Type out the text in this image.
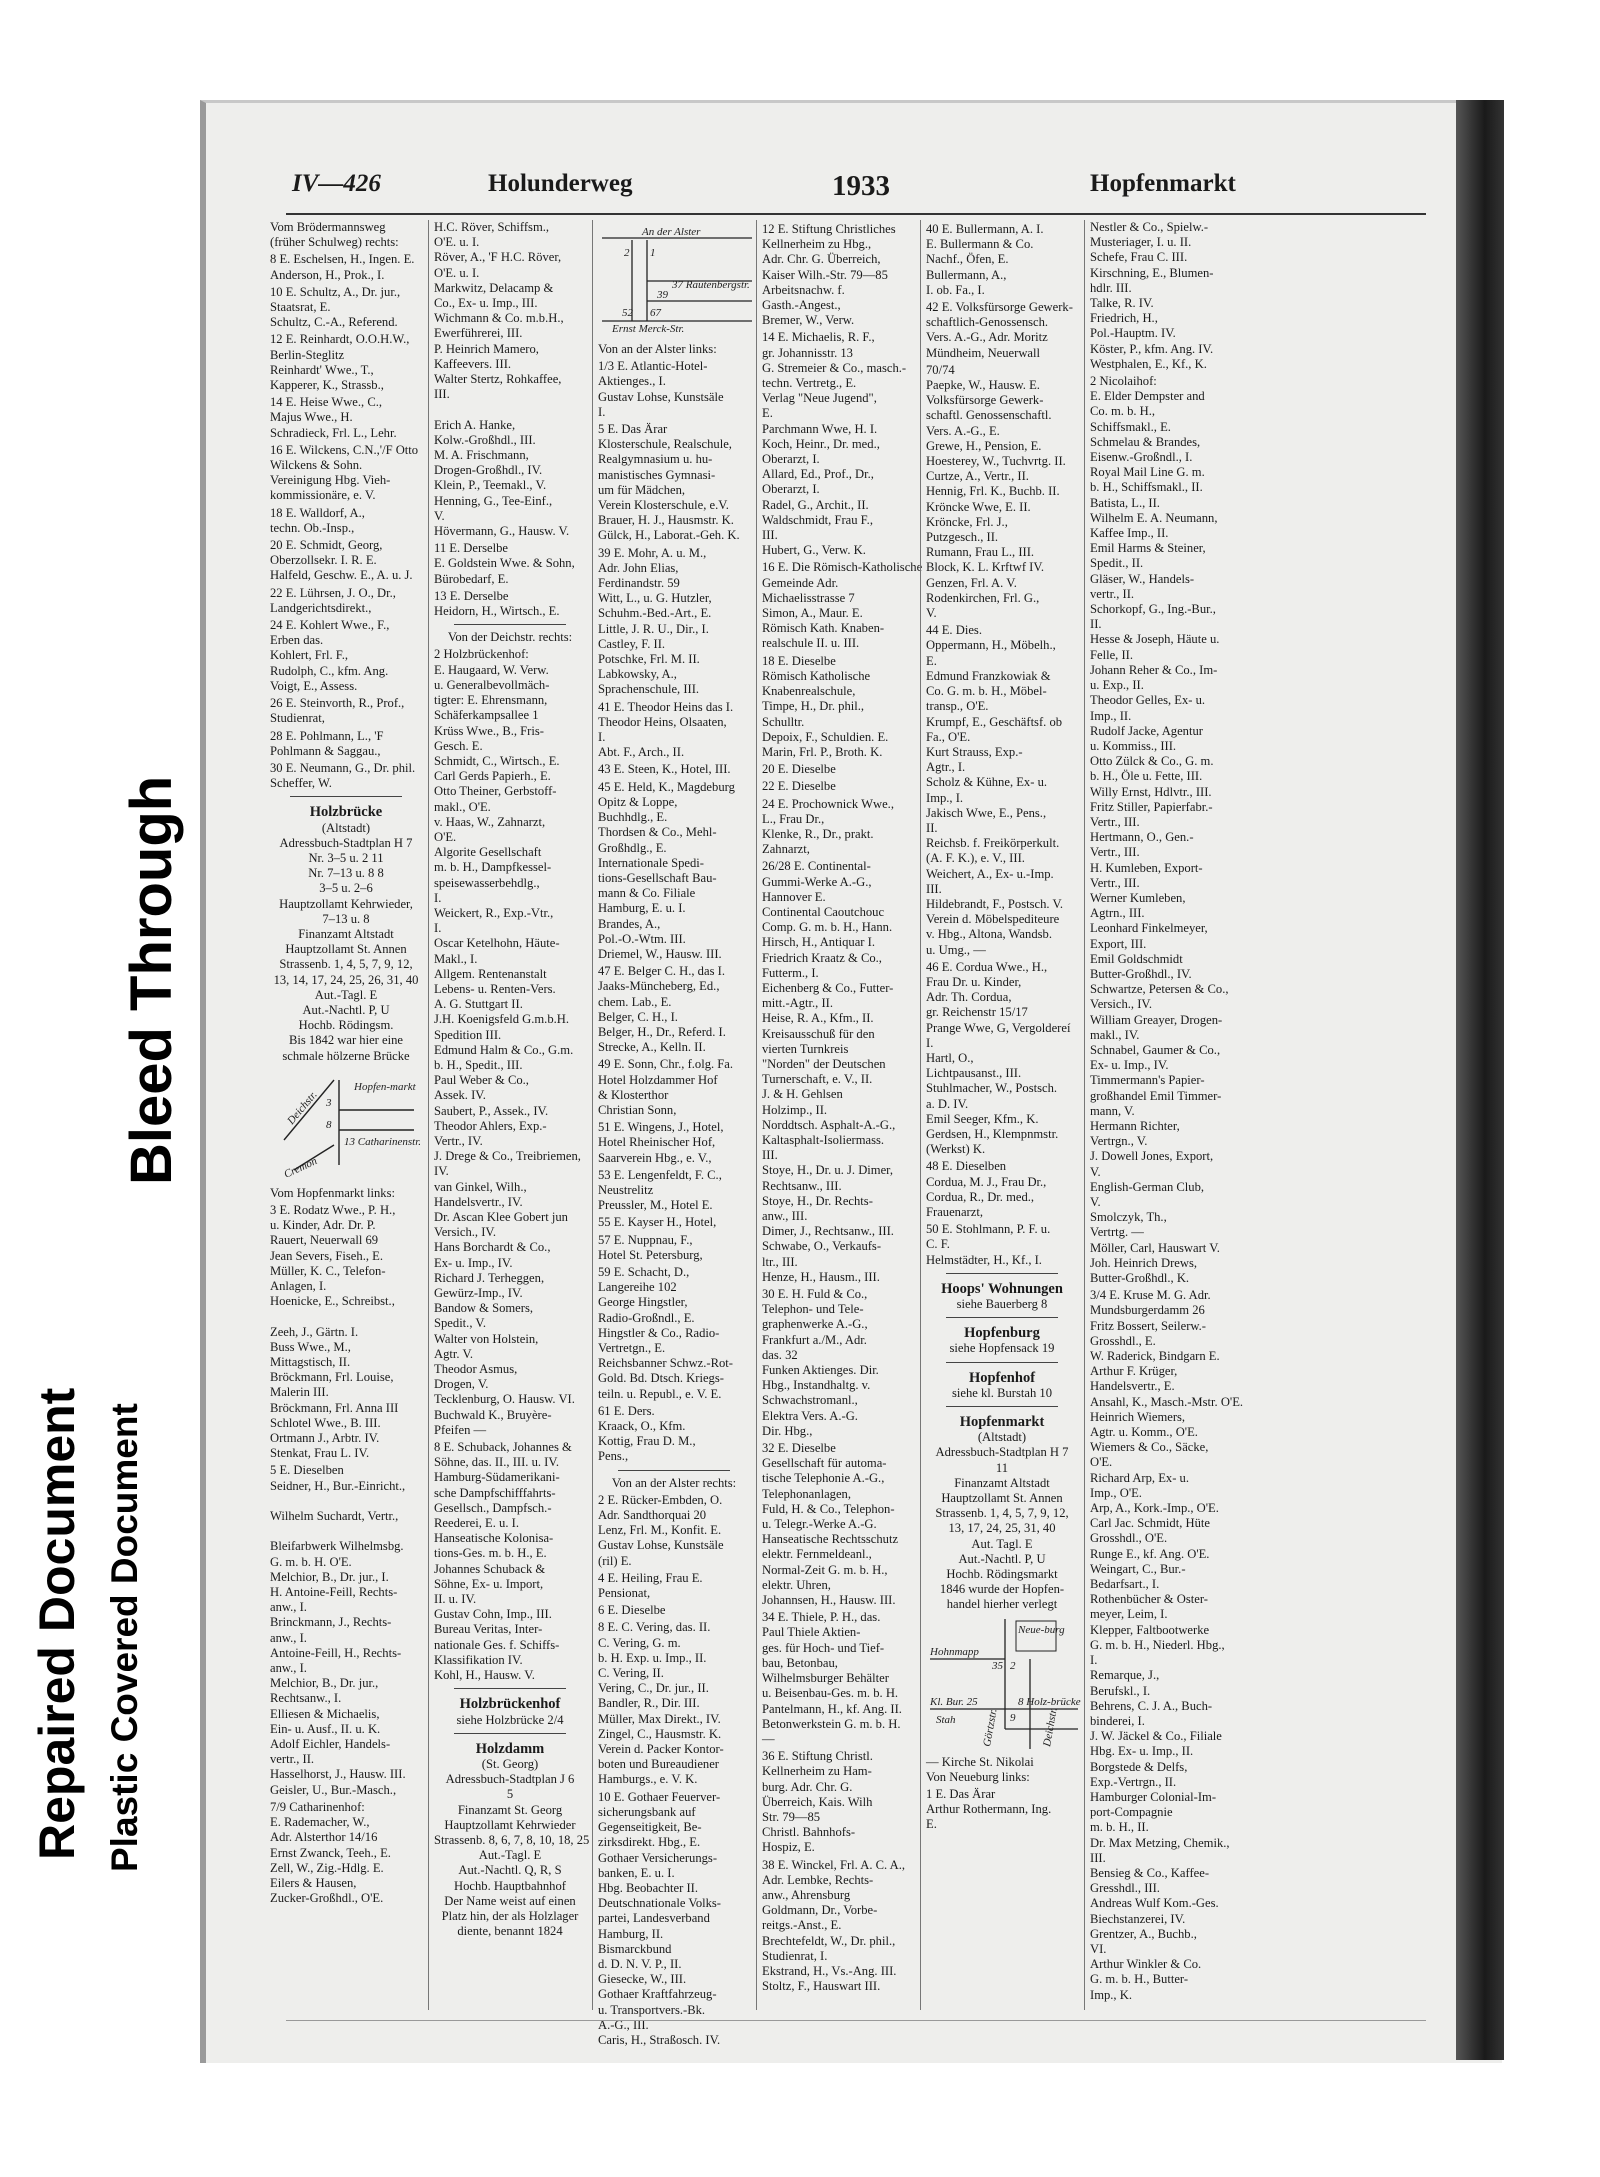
Bleed Through
Repaired Document Plastic Covered Document
IV—426	Holunderweg	1933	Hopfenmarkt
Vom Brödermannsweg
(früher Schulweg) rechts:
8 E. Eschelsen, H., Ingen. E.
Anderson, H., Prok., I.
10 E. Schultz, A., Dr. jur.,
Staatsrat, E.
Schultz, C.-A., Referend.
12 E. Reinhardt, O.O.H.W.,
Berlin-Steglitz
Reinhardt' Wwe., T.,
Kapperer, K., Strassb.,
14 E. Heise Wwe., C.,
Majus Wwe., H.
Schradieck, Frl. L., Lehr.
16 E. Wilckens, C.N.,'/F Otto
Wilckens & Sohn.
Vereinigung Hbg. Vieh-
kommissionäre, e. V.
18 E. Walldorf, A.,
techn. Ob.-Insp.,
20 E. Schmidt, Georg,
Oberzollsekr. I. R. E.
Halfeld, Geschw. E., A. u. J.
22 E. Lührsen, J. O., Dr.,
Landgerichtsdirekt.,
24 E. Kohlert Wwe., F.,
Erben das.
Kohlert, Frl. F.,
Rudolph, C., kfm. Ang.
Voigt, E., Assess.
26 E. Steinvorth, R., Prof.,
Studienrat,
28 E. Pohlmann, L., 'F
Pohlmann & Saggau.,
30 E. Neumann, G., Dr. phil.
Scheffer, W.
Holzbrücke
(Altstadt)
Adressbuch-Stadtplan H 7
Nr. 3–5 u. 2 11
Nr. 7–13 u. 8 8
3–5 u. 2–6
Hauptzollamt Kehrwieder,
7–13 u. 8
Finanzamt Altstadt
Hauptzollamt St. Annen
Strassenb. 1, 4, 5, 7, 9, 12,
13, 14, 17, 24, 25, 26, 31, 40
Aut.-Tagl. E
Aut.-Nachtl. P, U
Hochb. Rödingsm.
Bis 1842 war hier eine
schmale hölzerne Brücke
Deichstr.
Hopfen-markt
Cremon
13 Catharinenstr.
3
8
Vom Hopfenmarkt links:
3 E. Rodatz Wwe., P. H.,
u. Kinder, Adr. Dr. P.
Rauert, Neuerwall 69
Jean Severs, Fiseh., E.
Müller, K. C., Telefon-
Anlagen, I.
Hoenicke, E., Schreibst.,

Zeeh, J., Gärtn. I.
Buss Wwe., M.,
Mittagstisch, II.
Bröckmann, Frl. Louise,
Malerin III.
Bröckmann, Frl. Anna III
Schlotel Wwe., B. III.
Ortmann J., Arbtr. IV.
Stenkat, Frau L. IV.
5 E. Dieselben
Seidner, H., Bur.-Einricht.,

Wilhelm Suchardt, Vertr.,

Bleifarbwerk Wilhelmsbg.
G. m. b. H. O'E.
Melchior, B., Dr. jur., I.
H. Antoine-Feill, Rechts-
anw., I.
Brinckmann, J., Rechts-
anw., I.
Antoine-Feill, H., Rechts-
anw., I.
Melchior, B., Dr. jur.,
Rechtsanw., I.
Elliesen & Michaelis,
Ein- u. Ausf., II. u. K.
Adolf Eichler, Handels-
vertr., II.
Hasselhorst, J., Hausw. III.
Geisler, U., Bur.-Masch.,
7/9 Catharinenhof:
E. Rademacher, W.,
Adr. Alsterthor 14/16
Ernst Zwanck, Teeh., E.
Zell, W., Zig.-Hdlg. E.
Eilers & Hausen,
Zucker-Großhdl., O'E.
H.C. Röver, Schiffsm.,
O'E. u. I.
Röver, A., 'F H.C. Röver,
O'E. u. I.
Markwitz, Delacamp &
Co., Ex- u. Imp., III.
Wichmann & Co. m.b.H.,
Ewerführerei, III.
P. Heinrich Mamero,
Kaffeevers. III.
Walter Stertz, Rohkaffee,
III.

Erich A. Hanke,
Kolw.-Großhdl., III.
M. A. Frischmann,
Drogen-Großhdl., IV.
Klein, P., Teemakl., V.
Henning, G., Tee-Einf.,
V.
Hövermann, G., Hausw. V.
11 E. Derselbe
E. Goldstein Wwe. & Sohn,
Bürobedarf, E.
13 E. Derselbe
Heidorn, H., Wirtsch., E.
Von der Deichstr. rechts:
2 Holzbrückenhof:
E. Haugaard, W. Verw.
u. Generalbevollmäch-
tigter: E. Ehrensmann,
Schäferkampsallee 1
Krüss Wwe., B., Fris-
Gesch. E.
Schmidt, C., Wirtsch., E.
Carl Gerds Papierh., E.
Otto Theiner, Gerbstoff-
makl., O'E.
v. Haas, W., Zahnarzt,
O'E.
Algorite Gesellschaft
m. b. H., Dampfkessel-
speisewasserbehdlg.,
I.
Weickert, R., Exp.-Vtr.,
I.
Oscar Ketelhohn, Häute-
Makl., I.
Allgem. Rentenanstalt
Lebens- u. Renten-Vers.
A. G. Stuttgart II.
J.H. Koenigsfeld G.m.b.H.
Spedition III.
Edmund Halm & Co., G.m.
b. H., Spedit., III.
Paul Weber & Co.,
Assek. IV.
Saubert, P., Assek., IV.
Theodor Ahlers, Exp.-
Vertr., IV.
J. Drege & Co., Treibriemen,
IV.
van Ginkel, Wilh.,
Handelsvertr., IV.
Dr. Ascan Klee Gobert jun
Versich., IV.
Hans Borchardt & Co.,
Ex- u. Imp., IV.
Richard J. Terheggen,
Gewürz-Imp., IV.
Bandow & Somers,
Spedit., V.
Walter von Holstein,
Agtr. V.
Theodor Asmus,
Drogen, V.
Tecklenburg, O. Hausw. VI.
Buchwald K., Bruyère-
Pfeifen —
8 E. Schuback, Johannes &
Söhne, das. II., III. u. IV.
Hamburg-Südamerikani-
sche Dampfschifffahrts-
Gesellsch., Dampfsch.-
Reederei, E. u. I.
Hanseatische Kolonisa-
tions-Ges. m. b. H., E.
Johannes Schuback &
Söhne, Ex- u. Import,
II. u. IV.
Gustav Cohn, Imp., III.
Bureau Veritas, Inter-
nationale Ges. f. Schiffs-
Klassifikation IV.
Kohl, H., Hausw. V.
Holzbrückenhof
siehe Holzbrücke 2/4
Holzdamm
(St. Georg)
Adressbuch-Stadtplan J 6
5
Finanzamt St. Georg
Hauptzollamt Kehrwieder
Strassenb. 8, 6, 7, 8, 10, 18, 25
Aut.-Tagl. E
Aut.-Nachtl. Q, R, S
Hochb. Hauptbahnhof
Der Name weist auf einen
Platz hin, der als Holzlager
diente, benannt 1824
An der Alster
2 1
37 Rautenbergstr.
39
52 67
Ernst Merck-Str.
Von an der Alster links:
1/3 E. Atlantic-Hotel-
Aktienges., I.
Gustav Lohse, Kunstsäle
I.
5 E. Das Ärar
Klosterschule, Realschule,
Realgymnasium u. hu-
manistisches Gymnasi-
um für Mädchen,
Verein Klosterschule, e.V.
Brauer, H. J., Hausmstr. K.
Gülck, H., Laborat.-Geh. K.
39 E. Mohr, A. u. M.,
Adr. John Elias,
Ferdinandstr. 59
Witt, L., u. G. Hutzler,
Schuhm.-Bed.-Art., E.
Little, J. R. U., Dir., I.
Castley, F. II.
Potschke, Frl. M. II.
Labkowsky, A.,
Sprachenschule, III.
41 E. Theodor Heins das I.
Theodor Heins, Olsaaten,
I.
Abt. F., Arch., II.
43 E. Steen, K., Hotel, III.
45 E. Held, K., Magdeburg
Opitz & Loppe,
Buchhdlg., E.
Thordsen & Co., Mehl-
Großhdlg., E.
Internationale Spedi-
tions-Gesellschaft Bau-
mann & Co. Filiale
Hamburg, E. u. I.
Brandes, A.,
Pol.-O.-Wtm. III.
Driemel, W., Hausw. III.
47 E. Belger C. H., das I.
Jaaks-Müncheberg, Ed.,
chem. Lab., E.
Belger, C. H., I.
Belger, H., Dr., Referd. I.
Strecke, A., Kelln. II.
49 E. Sonn, Chr., f.olg. Fa.
Hotel Holzdammer Hof
& Klosterthor
Christian Sonn,
51 E. Wingens, J., Hotel,
Hotel Rheinischer Hof,
Saarverein Hbg., e. V.,
53 E. Lengenfeldt, F. C.,
Neustrelitz
Preussler, M., Hotel E.
55 E. Kayser H., Hotel,
57 E. Nuppnau, F.,
Hotel St. Petersburg,
59 E. Schacht, D.,
Langereihe 102
George Hingstler,
Radio-Großndl., E.
Hingstler & Co., Radio-
Vertretgn., E.
Reichsbanner Schwz.-Rot-
Gold. Bd. Dtsch. Kriegs-
teiln. u. Republ., e. V. E.
61 E. Ders.
Kraack, O., Kfm.
Kottig, Frau D. M.,
Pens.,
Von an der Alster rechts:
2 E. Rücker-Embden, O.
Adr. Sandthorquai 20
Lenz, Frl. M., Konfit. E.
Gustav Lohse, Kunstsäle
(ril) E.
4 E. Heiling, Frau E.
Pensionat,
6 E. Dieselbe
8 E. C. Vering, das. II.
C. Vering, G. m.
b. H. Exp. u. Imp., II.
C. Vering, II.
Vering, C., Dr. jur., II.
Bandler, R., Dir. III.
Müller, Max Direkt., IV.
Zingel, C., Hausmstr. K.
Verein d. Packer Kontor-
boten und Bureaudiener
Hamburgs., e. V. K.
10 E. Gothaer Feuerver-
sicherungsbank auf
Gegenseitigkeit, Be-
zirksdirekt. Hbg., E.
Gothaer Versicherungs-
banken, E. u. I.
Hbg. Beobachter II.
Deutschnationale Volks-
partei, Landesverband
Hamburg, II.
Bismarckbund
d. D. N. V. P., II.
Giesecke, W., III.
Gothaer Kraftfahrzeug-
u. Transportvers.-Bk.
A.-G., III.
Caris, H., Straßosch. IV.
12 E. Stiftung Christliches
Kellnerheim zu Hbg.,
Adr. Chr. G. Überreich,
Kaiser Wilh.-Str. 79—85
Arbeitsnachw. f.
Gasth.-Angest.,
Bremer, W., Verw.
14 E. Michaelis, R. F.,
gr. Johannisstr. 13
G. Stremeier & Co., masch.-
techn. Vertretg., E.
Verlag "Neue Jugend",
E.
Parchmann Wwe, H. I.
Koch, Heinr., Dr. med.,
Oberarzt, I.
Allard, Ed., Prof., Dr.,
Oberarzt, I.
Radel, G., Archit., II.
Waldschmidt, Frau F.,
III.
Hubert, G., Verw. K.
16 E. Die Römisch-Katholische
Gemeinde Adr.
Michaelisstrasse 7
Simon, A., Maur. E.
Römisch Kath. Knaben-
realschule II. u. III.
18 E. Dieselbe
Römisch Katholische
Knabenrealschule,
Timpe, H., Dr. phil.,
Schulltr.
Depoix, F., Schuldien. E.
Marin, Frl. P., Broth. K.
20 E. Dieselbe
22 E. Dieselbe
24 E. Prochownick Wwe.,
L., Frau Dr.,
Klenke, R., Dr., prakt.
Zahnarzt,
26/28 E. Continental-
Gummi-Werke A.-G.,
Hannover E.
Continental Caoutchouc
Comp. G. m. b. H., Hann.
Hirsch, H., Antiquar I.
Friedrich Kraatz & Co.,
Futterm., I.
Eichenberg & Co., Futter-
mitt.-Agtr., II.
Heise, R. A., Kfm., II.
Kreisausschuß für den
vierten Turnkreis
"Norden" der Deutschen
Turnerschaft, e. V., II.
J. & H. Gehlsen
Holzimp., II.
Norddtsch. Asphalt-A.-G.,
Kaltasphalt-Isoliermass.
III.
Stoye, H., Dr. u. J. Dimer,
Rechtsanw., III.
Stoye, H., Dr. Rechts-
anw., III.
Dimer, J., Rechtsanw., III.
Schwabe, O., Verkaufs-
ltr., III.
Henze, H., Hausm., III.
30 E. H. Fuld & Co.,
Telephon- und Tele-
graphenwerke A.-G.,
Frankfurt a./M., Adr.
das. 32
Funken Aktienges. Dir.
Hbg., Instandhaltg. v.
Schwachstromanl.,
Elektra Vers. A.-G.
Dir. Hbg.,
32 E. Dieselbe
Gesellschaft für automa-
tische Telephonie A.-G.,
Telephonanlagen,
Fuld, H. & Co., Telephon-
u. Telegr.-Werke A.-G.
Hanseatische Rechtsschutz
elektr. Fernmeldeanl.,
Normal-Zeit G. m. b. H.,
elektr. Uhren,
Johannsen, H., Hausw. III.
34 E. Thiele, P. H., das.
Paul Thiele Aktien-
ges. für Hoch- und Tief-
bau, Betonbau,
Wilhelmsburger Behälter
u. Beisenbau-Ges. m. b. H.
Pantelmann, H., kf. Ang. II.
Betonwerkstein G. m. b. H.
—
36 E. Stiftung Christl.
Kellnerheim zu Ham-
burg. Adr. Chr. G.
Überreich, Kais. Wilh
Str. 79—85
Christl. Bahnhofs-
Hospiz, E.
38 E. Winckel, Frl. A. C. A.,
Adr. Lembke, Rechts-
anw., Ahrensburg
Goldmann, Dr., Vorbe-
reitgs.-Anst., E.
Brechtefeldt, W., Dr. phil.,
Studienrat, I.
Ekstrand, H., Vs.-Ang. III.
Stoltz, F., Hauswart III.
40 E. Bullermann, A. I.
E. Bullermann & Co.
Nachf., Öfen, E.
Bullermann, A.,
I. ob. Fa., I.
42 E. Volksfürsorge Gewerk-
schaftlich-Genossensch.
Vers. A.-G., Adr. Moritz
Mündheim, Neuerwall
70/74
Paepke, W., Hausw. E.
Volksfürsorge Gewerk-
schaftl. Genossenschaftl.
Vers. A.-G., E.
Grewe, H., Pension, E.
Hoesterey, W., Tuchvrtg. II.
Curtze, A., Vertr., II.
Hennig, Frl. K., Buchb. II.
Kröncke Wwe, E. II.
Kröncke, Frl. J.,
Putzgesch., II.
Rumann, Frau L., III.
Block, K. L. Krftwf IV.
Genzen, Frl. A. V.
Rodenkirchen, Frl. G.,
V.
44 E. Dies.
Oppermann, H., Möbelh.,
E.
Edmund Franzkowiak &
Co. G. m. b. H., Möbel-
transp., O'E.
Krumpf, E., Geschäftsf. ob
Fa., O'E.
Kurt Strauss, Exp.-
Agtr., I.
Scholz & Kühne, Ex- u.
Imp., I.
Jakisch Wwe, E., Pens.,
II.
Reichsb. f. Freikörperkult.
(A. F. K.), e. V., III.
Weichert, A., Ex- u.-Imp.
III.
Hildebrandt, F., Postsch. V.
Verein d. Möbelspediteure
v. Hbg., Altona, Wandsb.
u. Umg., —
46 E. Cordua Wwe., H.,
Frau Dr. u. Kinder,
Adr. Th. Cordua,
gr. Reichenstr 15/17
Prange Wwe, G, Vergoldereí
I.
Hartl, O.,
Lichtpausanst., III.
Stuhlmacher, W., Postsch.
a. D. IV.
Emil Seeger, Kfm., K.
Gerdsen, H., Klempnmstr.
(Werkst) K.
48 E. Dieselben
Cordua, M. J., Frau Dr.,
Cordua, R., Dr. med.,
Frauenarzt,
50 E. Stohlmann, P. F. u.
C. F.
Helmstädter, H., Kf., I.
Hoops' Wohnungen
siehe Bauerberg 8
Hopfenburg
siehe Hopfensack 19
Hopfenhof
siehe kl. Burstah 10
Hopfenmarkt
(Altstadt)
Adressbuch-Stadtplan H 7
11
Finanzamt Altstadt
Hauptzollamt St. Annen
Strassenb. 1, 4, 5, 7, 9, 12,
13, 17, 24, 25, 31, 40
Aut. Tagl. E
Aut.-Nachtl. P, U
Hochb. Rödingsmarkt
1846 wurde der Hopfen-
handel hierher verlegt
Neue-burg
Hohnmapp
35 2
Kl. Bur. 25
Stah Görtzstr. 9
8 Holz-brücke
Deichstr.
— Kirche St. Nikolai
Von Neueburg links:
1 E. Das Ärar
Arthur Rothermann, Ing.
E.
Nestler & Co., Spielw.-
Musteriager, I. u. II.
Schefe, Frau C. III.
Kirschning, E., Blumen-
hdlr. III.
Talke, R. IV.
Friedrich, H.,
Pol.-Hauptm. IV.
Köster, P., kfm. Ang. IV.
Westphalen, E., Kf., K.
2 Nicolaihof:
E. Elder Dempster and
Co. m. b. H.,
Schiffsmakl., E.
Schmelau & Brandes,
Eisenw.-Großndl., I.
Royal Mail Line G. m.
b. H., Schiffsmakl., II.
Batista, L., II.
Wilhelm E. A. Neumann,
Kaffee Imp., II.
Emil Harms & Steiner,
Spedit., II.
Gläser, W., Handels-
vertr., II.
Schorkopf, G., Ing.-Bur.,
II.
Hesse & Joseph, Häute u.
Felle, II.
Johann Reher & Co., Im-
u. Exp., II.
Theodor Gelles, Ex- u.
Imp., II.
Rudolf Jacke, Agentur
u. Kommiss., III.
Otto Zülck & Co., G. m.
b. H., Öle u. Fette, III.
Willy Ernst, Hdlvtr., III.
Fritz Stiller, Papierfabr.-
Vertr., III.
Hertmann, O., Gen.-
Vertr., III.
H. Kumleben, Export-
Vertr., III.
Werner Kumleben,
Agtrn., III.
Leonhard Finkelmeyer,
Export, III.
Emil Goldschmidt
Butter-Großhdl., IV.
Schwartze, Petersen & Co.,
Versich., IV.
William Greayer, Drogen-
makl., IV.
Schnabel, Gaumer & Co.,
Ex- u. Imp., IV.
Timmermann's Papier-
großhandel Emil Timmer-
mann, V.
Hermann Richter,
Vertrgn., V.
J. Dowell Jones, Export,
V.
English-German Club,
V.
Smolczyk, Th.,
Vertrtg. —
Möller, Carl, Hauswart V.
Joh. Heinrich Drews,
Butter-Großhdl., K.
3/4 E. Kruse M. G. Adr.
Mundsburgerdamm 26
Fritz Bossert, Seilerw.-
Grosshdl., E.
W. Raderick, Bindgarn E.
Arthur F. Krüger,
Handelsvertr., E.
Ansahl, K., Masch.-Mstr. O'E.
Heinrich Wiemers,
Agtr. u. Komm., O'E.
Wiemers & Co., Säcke,
O'E.
Richard Arp, Ex- u.
Imp., O'E.
Arp, A., Kork.-Imp., O'E.
Carl Jac. Schmidt, Hüte
Grosshdl., O'E.
Runge E., kf. Ang. O'E.
Weingart, C., Bur.-
Bedarfsart., I.
Rothenbücher & Oster-
meyer, Leim, I.
Klepper, Faltbootwerke
G. m. b. H., Niederl. Hbg.,
I.
Remarque, J.,
Berufskl., I.
Behrens, C. J. A., Buch-
binderei, I.
J. W. Jäckel & Co., Filiale
Hbg. Ex- u. Imp., II.
Borgstede & Delfs,
Exp.-Vertrgn., II.
Hamburger Colonial-Im-
port-Compagnie
m. b. H., II.
Dr. Max Metzing, Chemik.,
III.
Bensieg & Co., Kaffee-
Gresshdl., III.
Andreas Wulf Kom.-Ges.
Biechstanzerei, IV.
Grentzer, A., Buchb.,
VI.
Arthur Winkler & Co.
G. m. b. H., Butter-
Imp., K.
